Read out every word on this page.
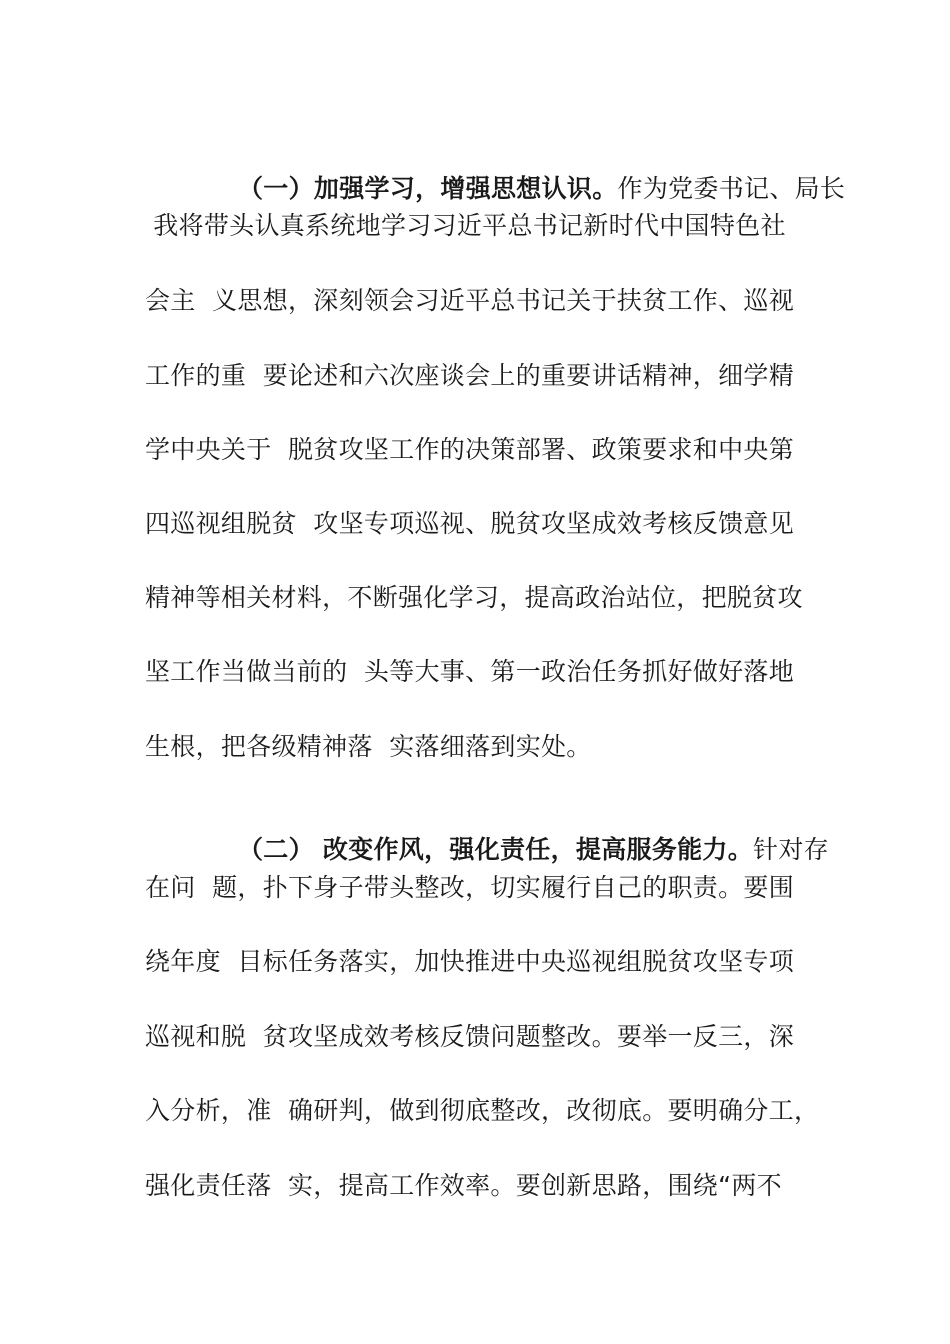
（一）加强学习，增强思想认识。作为党委书记、局长

我将带头认真系统地学习习近平总书记新时代中国特色社
会主  义思想，深刻领会习近平总书记关于扶贫工作、巡视
工作的重  要论述和六次座谈会上的重要讲话精神，细学精
学中央关于  脱贫攻坚工作的决策部署、政策要求和中央第
四巡视组脱贫  攻坚专项巡视、脱贫攻坚成效考核反馈意见
精神等相关材料，不断强化学习，提高政治站位，把脱贫攻
坚工作当做当前的  头等大事、第一政治任务抓好做好落地
生根，把各级精神落  实落细落到实处。

（二） 改变作风，强化责任，提高服务能力。针对存

在问  题，扑下身子带头整改，切实履行自己的职责。要围
绕年度  目标任务落实，加快推进中央巡视组脱贫攻坚专项
巡视和脱  贫攻坚成效考核反馈问题整改。要举一反三，深
入分析，准  确研判，做到彻底整改，改彻底。要明确分工，
强化责任落  实，提高工作效率。要创新思路，围绕“两不
